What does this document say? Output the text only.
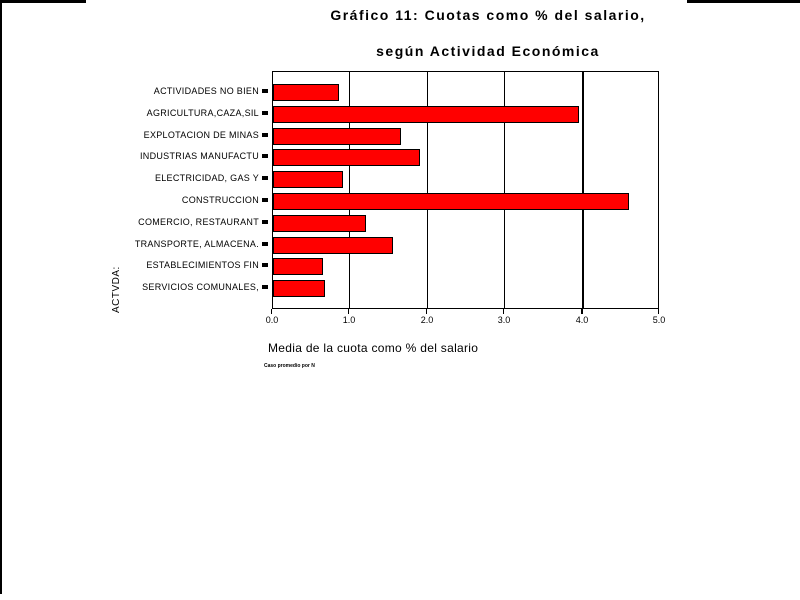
Gráfico 11: Cuotas como % del salario,
según Actividad Económica
ACTIVIDADES NO BIEN
AGRICULTURA,CAZA,SIL
EXPLOTACION DE MINAS
INDUSTRIAS MANUFACTU
ELECTRICIDAD, GAS Y
CONSTRUCCION
COMERCIO, RESTAURANT
TRANSPORTE, ALMACENA.
ESTABLECIMIENTOS FIN
SERVICIOS COMUNALES,
0.0	1.0	2.0	3.0	4.0	5.0
Media de la cuota como % del salario
Caso promedio por N
ACTVDA:
